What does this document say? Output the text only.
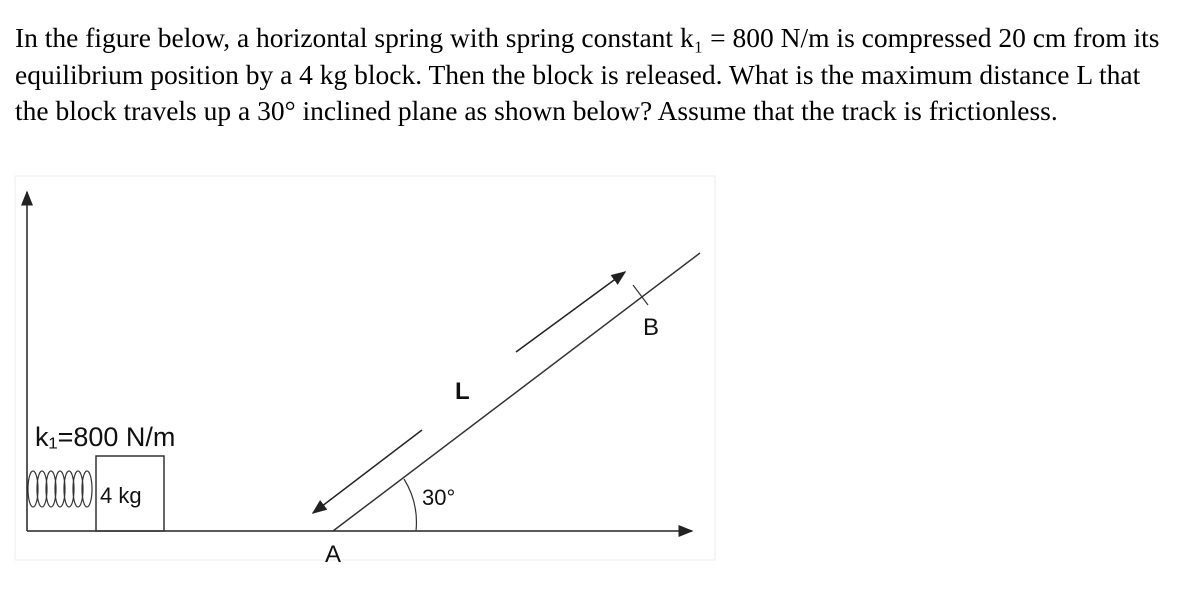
In the figure below, a horizontal spring with spring constant k₁ = 800 N/m is compressed 20 cm from its equilibrium position by a 4 kg block. Then the block is released. What is the maximum distance L that the block travels up a 30° inclined plane as shown below? Assume that the track is frictionless.
4 kg
k₁=800 N/m
B
A
30°
L
